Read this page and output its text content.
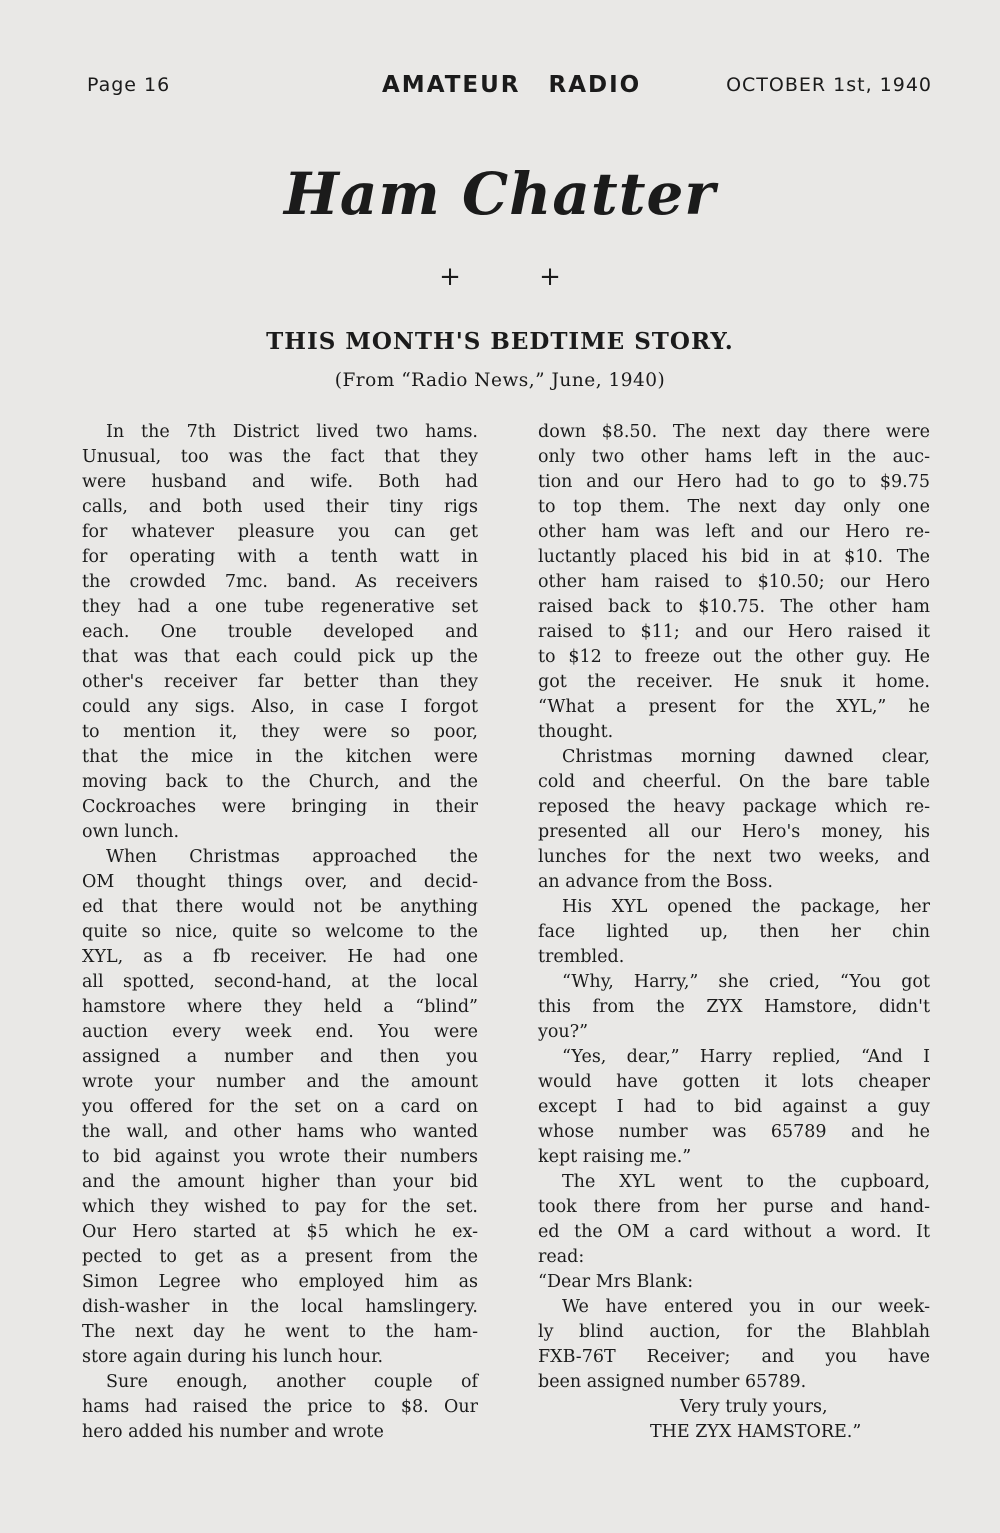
Page 16	AMATEUR RADIO	OCTOBER 1st, 1940
Ham Chatter
+ +
THIS MONTH'S BEDTIME STORY.
(From “Radio News,” June, 1940)
In the 7th District lived two hams.
Unusual, too was the fact that they
were husband and wife. Both had
calls, and both used their tiny rigs
for whatever pleasure you can get
for operating with a tenth watt in
the crowded 7mc. band. As receivers
they had a one tube regenerative set
each. One trouble developed and
that was that each could pick up the
other's receiver far better than they
could any sigs. Also, in case I forgot
to mention it, they were so poor,
that the mice in the kitchen were
moving back to the Church, and the
Cockroaches were bringing in their
own lunch.
When Christmas approached the
OM thought things over, and decid-
ed that there would not be anything
quite so nice, quite so welcome to the
XYL, as a fb receiver. He had one
all spotted, second-hand, at the local
hamstore where they held a “blind”
auction every week end. You were
assigned a number and then you
wrote your number and the amount
you offered for the set on a card on
the wall, and other hams who wanted
to bid against you wrote their numbers
and the amount higher than your bid
which they wished to pay for the set.
Our Hero started at $5 which he ex-
pected to get as a present from the
Simon Legree who employed him as
dish-washer in the local hamslingery.
The next day he went to the ham-
store again during his lunch hour.
Sure enough, another couple of
hams had raised the price to $8. Our
hero added his number and wrote
down $8.50. The next day there were
only two other hams left in the auc-
tion and our Hero had to go to $9.75
to top them. The next day only one
other ham was left and our Hero re-
luctantly placed his bid in at $10. The
other ham raised to $10.50; our Hero
raised back to $10.75. The other ham
raised to $11; and our Hero raised it
to $12 to freeze out the other guy. He
got the receiver. He snuk it home.
“What a present for the XYL,” he
thought.
Christmas morning dawned clear,
cold and cheerful. On the bare table
reposed the heavy package which re-
presented all our Hero's money, his
lunches for the next two weeks, and
an advance from the Boss.
His XYL opened the package, her
face lighted up, then her chin
trembled.
“Why, Harry,” she cried, “You got
this from the ZYX Hamstore, didn't
you?”
“Yes, dear,” Harry replied, “And I
would have gotten it lots cheaper
except I had to bid against a guy
whose number was 65789 and he
kept raising me.”
The XYL went to the cupboard,
took there from her purse and hand-
ed the OM a card without a word. It
read:
“Dear Mrs Blank:
We have entered you in our week-
ly blind auction, for the Blahblah
FXB-76T Receiver; and you have
been assigned number 65789.
Very truly yours,
THE ZYX HAMSTORE.”
